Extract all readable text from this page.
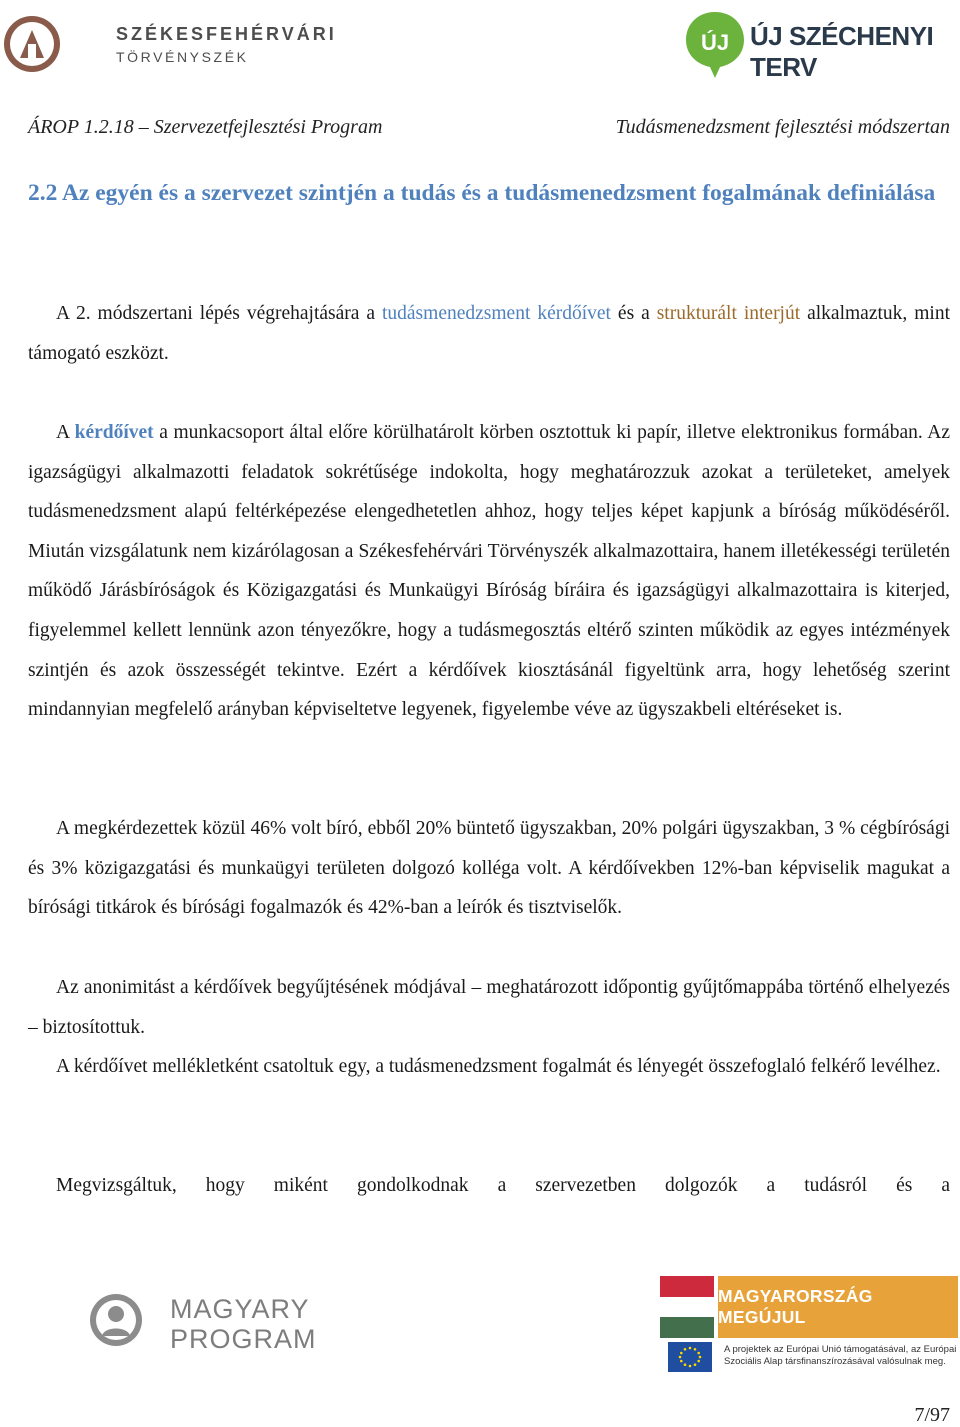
SZÉKESFEHÉRVÁRI
TÖRVÉNYSZÉK
ÚJ ÚJ SZÉCHENYI TERV
ÁROP 1.2.18 – Szervezetfejlesztési Program	Tudásmenedzsment fejlesztési módszertan
2.2 Az egyén és a szervezet szintjén a tudás és a tudásmenedzsment fogalmának definiálása
A 2. módszertani lépés végrehajtására a tudásmenedzsment kérdőívet és a strukturált interjút alkalmaztuk, mint támogató eszközt.
A kérdőívet a munkacsoport által előre körülhatárolt körben osztottuk ki papír, illetve elektronikus formában. Az igazságügyi alkalmazotti feladatok sokrétűsége indokolta, hogy meghatározzuk azokat a területeket, amelyek tudásmenedzsment alapú feltérképezése elengedhetetlen ahhoz, hogy teljes képet kapjunk a bíróság működéséről. Miután vizsgálatunk nem kizárólagosan a Székesfehérvári Törvényszék alkalmazottaira, hanem illetékességi területén működő Járásbíróságok és Közigazgatási és Munkaügyi Bíróság bíráira és igazságügyi alkalmazottaira is kiterjed, figyelemmel kellett lennünk azon tényezőkre, hogy a tudásmegosztás eltérő szinten működik az egyes intézmények szintjén és azok összességét tekintve. Ezért a kérdőívek kiosztásánál figyeltünk arra, hogy lehetőség szerint mindannyian megfelelő arányban képviseltetve legyenek, figyelembe véve az ügyszakbeli eltéréseket is.
A megkérdezettek közül 46% volt bíró, ebből 20% büntető ügyszakban, 20% polgári ügyszakban, 3 % cégbírósági és 3% közigazgatási és munkaügyi területen dolgozó kolléga volt. A kérdőívekben 12%-ban képviselik magukat a bírósági titkárok és bírósági fogalmazók és 42%-ban a leírók és tisztviselők.
Az anonimitást a kérdőívek begyűjtésének módjával – meghatározott időpontig gyűjtőmappába történő elhelyezés – biztosítottuk.
A kérdőívet mellékletként csatoltuk egy, a tudásmenedzsment fogalmát és lényegét összefoglaló felkérő levélhez.
Megvizsgáltuk, hogy miként gondolkodnak a szervezetben dolgozók a tudásról és a
MAGYARY
PROGRAM
MAGYARORSZÁG MEGÚJUL
A projektek az Európai Unió támogatásával, az Európai Szociális Alap társfinanszírozásával valósulnak meg.
7/97
